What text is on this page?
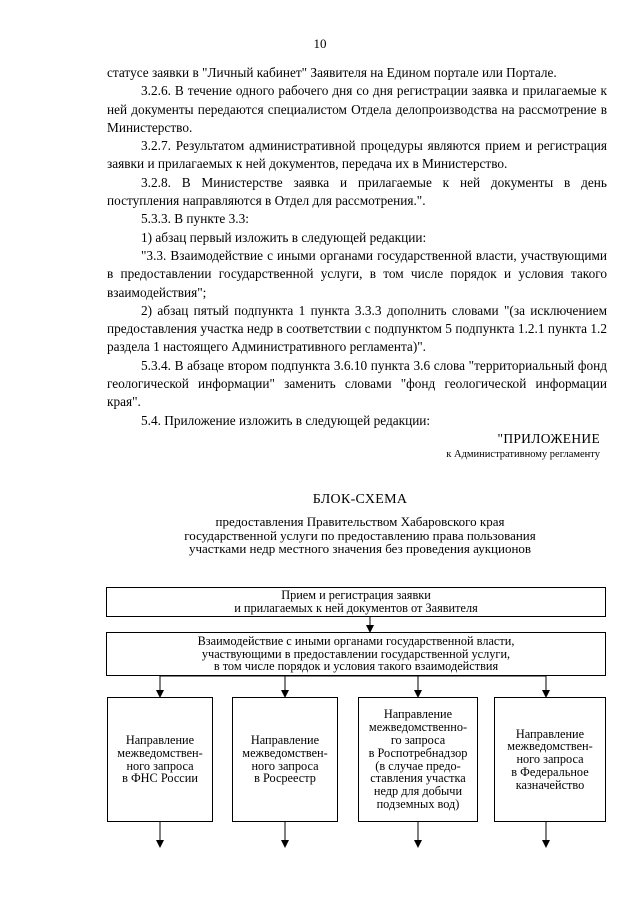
10

статусе заявки в "Личный кабинет" Заявителя на Едином портале или Портале.

3.2.6. В течение одного рабочего дня со дня регистрации заявка и прилагаемые к ней документы передаются специалистом Отдела делопроизводства на рассмотрение в Министерство.

3.2.7. Результатом административной процедуры являются прием и регистрация заявки и прилагаемых к ней документов, передача их в Министерство.

3.2.8. В Министерстве заявка и прилагаемые к ней документы в день поступления направляются в Отдел для рассмотрения.".

5.3.3. В пункте 3.3:

1) абзац первый изложить в следующей редакции:

"3.3. Взаимодействие с иными органами государственной власти, участвующими в предоставлении государственной услуги, в том числе порядок и условия такого взаимодействия";

2) абзац пятый подпункта 1 пункта 3.3.3 дополнить словами "(за исключением предоставления участка недр в соответствии с подпунктом 5 подпункта 1.2.1 пункта 1.2 раздела 1 настоящего Административного регламента)".

5.3.4. В абзаце втором подпункта 3.6.10 пункта 3.6 слова "территориальный фонд геологической информации" заменить словами "фонд геологической информации края".

5.4. Приложение изложить в следующей редакции:

"ПРИЛОЖЕНИЕ
к Административному регламенту
БЛОК-СХЕМА
предоставления Правительством Хабаровского края
государственной услуги по предоставлению права пользования
участками недр местного значения без проведения аукционов
Прием и регистрация заявки
и прилагаемых к ней документов от Заявителя
Взаимодействие с иными органами государственной власти,
участвующими в предоставлении государственной услуги,
в том числе порядок и условия такого взаимодействия
Направление
межведомствен-
ного запроса
в ФНС России
Направление
межведомствен-
ного запроса
в Росреестр
Направление
межведомственно-
го запроса
в Роспотребнадзор
(в случае предо-
ставления участка
недр для добычи
подземных вод)
Направление
межведомствен-
ного запроса
в Федеральное
казначейство
